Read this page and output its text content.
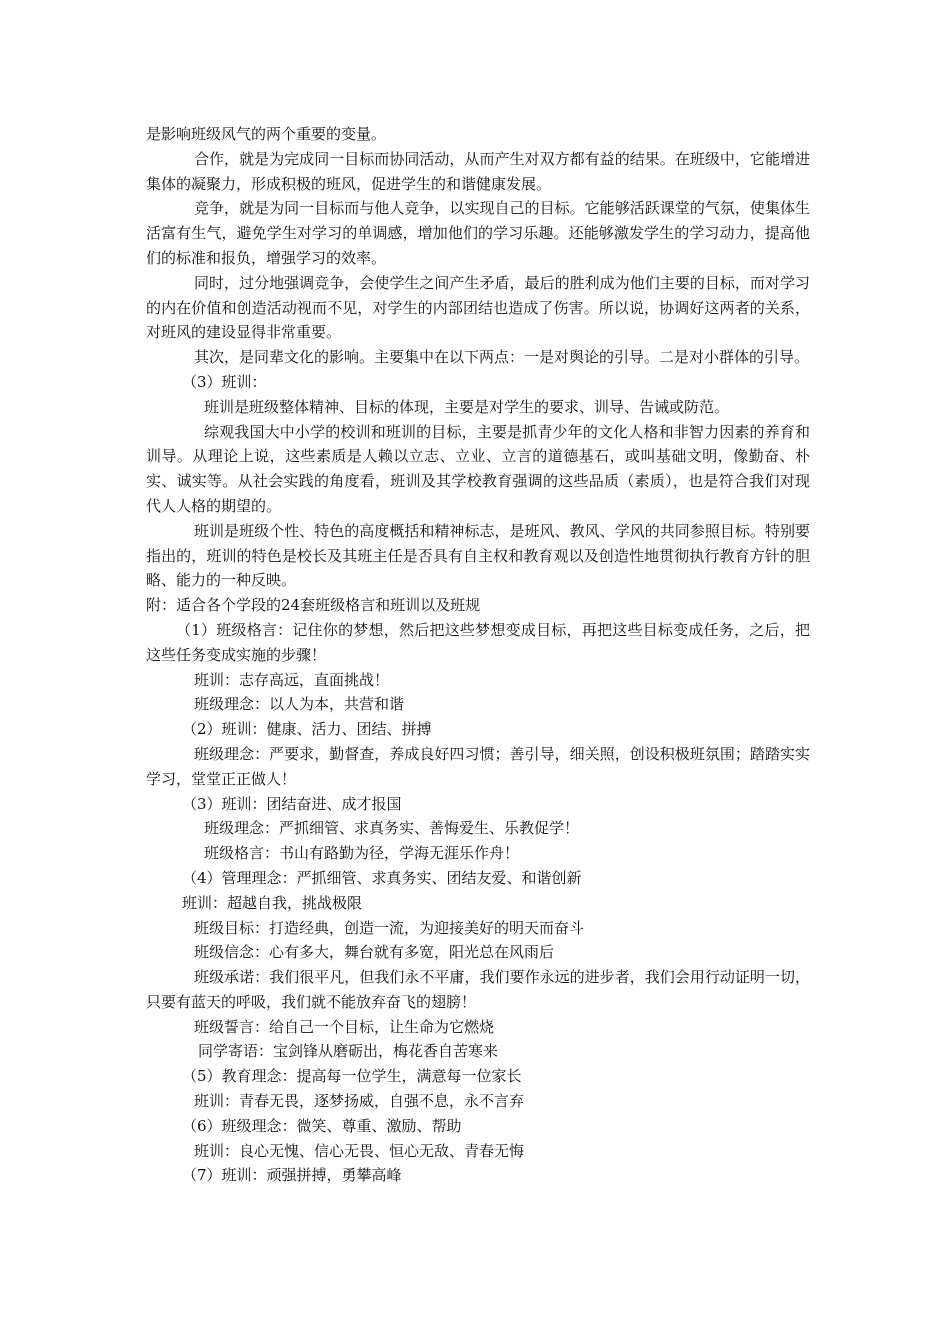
是影响班级风气的两个重要的变量。

合作，就是为完成同一目标而协同活动，从而产生对双方都有益的结果。在班级中，它能增进集体的凝聚力，形成积极的班风，促进学生的和谐健康发展。

竞争，就是为同一目标而与他人竞争，以实现自己的目标。它能够活跃课堂的气氛，使集体生活富有生气，避免学生对学习的单调感，增加他们的学习乐趣。还能够激发学生的学习动力，提高他们的标准和报负，增强学习的效率。

同时，过分地强调竞争，会使学生之间产生矛盾，最后的胜利成为他们主要的目标，而对学习的内在价值和创造活动视而不见，对学生的内部团结也造成了伤害。所以说，协调好这两者的关系，对班风的建设显得非常重要。

其次，是同辈文化的影响。主要集中在以下两点：一是对舆论的引导。二是对小群体的引导。

（3）班训：

班训是班级整体精神、目标的体现，主要是对学生的要求、训导、告诫或防范。

综观我国大中小学的校训和班训的目标，主要是抓青少年的文化人格和非智力因素的养育和训导。从理论上说，这些素质是人赖以立志、立业、立言的道德基石，或叫基础文明，像勤奋、朴实、诚实等。从社会实践的角度看，班训及其学校教育强调的这些品质（素质），也是符合我们对现代人人格的期望的。

班训是班级个性、特色的高度概括和精神标志，是班风、教风、学风的共同参照目标。特别要指出的，班训的特色是校长及其班主任是否具有自主权和教育观以及创造性地贯彻执行教育方针的胆略、能力的一种反映。

附：适合各个学段的24套班级格言和班训以及班规

（1）班级格言：记住你的梦想，然后把这些梦想变成目标，再把这些目标变成任务，之后，把这些任务变成实施的步骤！

班训：志存高远，直面挑战！

班级理念：以人为本，共营和谐

（2）班训：健康、活力、团结、拼搏

班级理念：严要求，勤督查，养成良好四习惯；善引导，细关照，创设积极班氛围；踏踏实实学习，堂堂正正做人！

（3）班训：团结奋进、成才报国

班级理念：严抓细管、求真务实、善悔爱生、乐教促学！

班级格言：书山有路勤为径，学海无涯乐作舟！

（4）管理理念：严抓细管、求真务实、团结友爱、和谐创新

班训：超越自我，挑战极限

班级目标：打造经典，创造一流，为迎接美好的明天而奋斗

班级信念：心有多大，舞台就有多宽，阳光总在风雨后

班级承诺：我们很平凡，但我们永不平庸，我们要作永远的进步者，我们会用行动证明一切，只要有蓝天的呼吸，我们就不能放弃奋飞的翅膀！

班级誓言：给自己一个目标，让生命为它燃烧

同学寄语：宝剑锋从磨砺出，梅花香自苦寒来

（5）教育理念：提高每一位学生，满意每一位家长

班训：青春无畏，逐梦扬威，自强不息，永不言弃

（6）班级理念：微笑、尊重、激励、帮助

班训：良心无愧、信心无畏、恒心无敌、青春无悔

（7）班训：顽强拼搏，勇攀高峰
